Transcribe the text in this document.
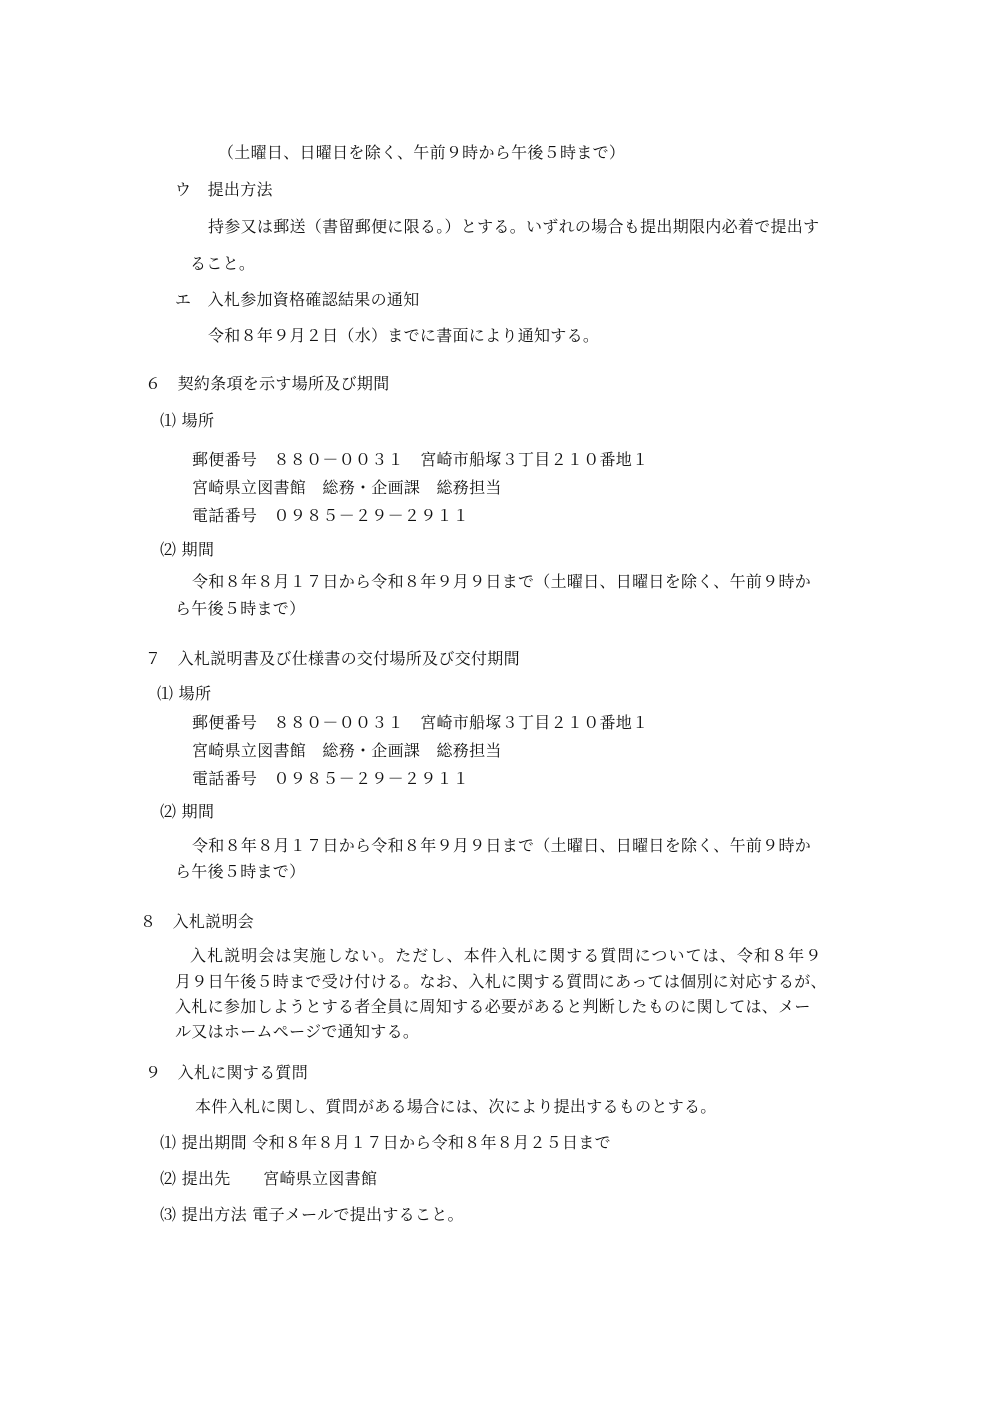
（土曜日、日曜日を除く、午前９時から午後５時まで）
ウ　提出方法
持参又は郵送（書留郵便に限る。）とする。いずれの場合も提出期限内必着で提出す
ること。
エ　入札参加資格確認結果の通知
令和８年９月２日（水）までに書面により通知する。
６　契約条項を示す場所及び期間
⑴ 場所
郵便番号　８８０－００３１　宮崎市船塚３丁目２１０番地１
宮崎県立図書館　総務・企画課　総務担当
電話番号　０９８５－２９－２９１１
⑵ 期間
令和８年８月１７日から令和８年９月９日まで（土曜日、日曜日を除く、午前９時か
ら午後５時まで）
７　入札説明書及び仕様書の交付場所及び交付期間
⑴ 場所
郵便番号　８８０－００３１　宮崎市船塚３丁目２１０番地１
宮崎県立図書館　総務・企画課　総務担当
電話番号　０９８５－２９－２９１１
⑵ 期間
令和８年８月１７日から令和８年９月９日まで（土曜日、日曜日を除く、午前９時か
ら午後５時まで）
８　入札説明会
入札説明会は実施しない。ただし、本件入札に関する質問については、令和８年９
月９日午後５時まで受け付ける。なお、入札に関する質問にあっては個別に対応するが、
入札に参加しようとする者全員に周知する必要があると判断したものに関しては、メー
ル又はホームページで通知する。
９　入札に関する質問
本件入札に関し、質問がある場合には、次により提出するものとする。
⑴ 提出期間 令和８年８月１７日から令和８年８月２５日まで
⑵ 提出先　　宮崎県立図書館
⑶ 提出方法 電子メールで提出すること。
